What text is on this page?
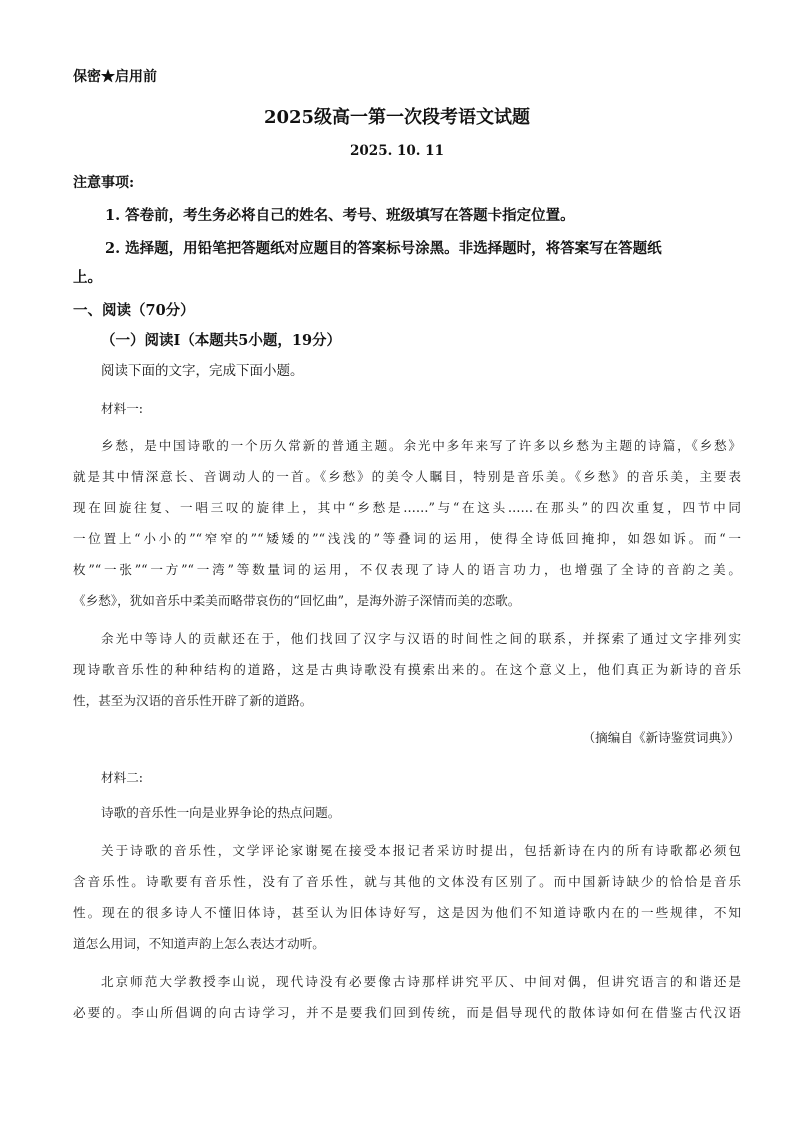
保密★启用前
2025级高一第一次段考语文试题
2025. 10. 11
注意事项:
1. 答卷前，考生务必将自己的姓名、考号、班级填写在答题卡指定位置。
2. 选择题，用铅笔把答题纸对应题目的答案标号涂黑。非选择题时，将答案写在答题纸
上。
一、阅读（70分）
（一）阅读Ⅰ（本题共5小题，19分）
阅读下面的文字，完成下面小题。
材料一:
乡愁，是中国诗歌的一个历久常新的普通主题。余光中多年来写了许多以乡愁为主题的诗篇，《乡愁》
就是其中情深意长、音调动人的一首。《乡愁》的美令人瞩目，特别是音乐美。《乡愁》的音乐美，主要表
现在回旋往复、一唱三叹的旋律上，其中“乡愁是……”与“在这头……在那头”的四次重复，四节中同
一位置上“小小的”“窄窄的”“矮矮的”“浅浅的”等叠词的运用，使得全诗低回掩抑，如怨如诉。而“一
枚”“一张”“一方”“一湾”等数量词的运用，不仅表现了诗人的语言功力，也增强了全诗的音韵之美。
《乡愁》，犹如音乐中柔美而略带哀伤的“回忆曲”，是海外游子深情而美的恋歌。
余光中等诗人的贡献还在于，他们找回了汉字与汉语的时间性之间的联系，并探索了通过文字排列实
现诗歌音乐性的种种结构的道路，这是古典诗歌没有摸索出来的。在这个意义上，他们真正为新诗的音乐
性，甚至为汉语的音乐性开辟了新的道路。
（摘编自《新诗鉴赏词典》）
材料二:
诗歌的音乐性一向是业界争论的热点问题。
关于诗歌的音乐性，文学评论家谢冕在接受本报记者采访时提出，包括新诗在内的所有诗歌都必须包
含音乐性。诗歌要有音乐性，没有了音乐性，就与其他的文体没有区别了。而中国新诗缺少的恰恰是音乐
性。现在的很多诗人不懂旧体诗，甚至认为旧体诗好写，这是因为他们不知道诗歌内在的一些规律，不知
道怎么用词，不知道声韵上怎么表达才动听。
北京师范大学教授李山说，现代诗没有必要像古诗那样讲究平仄、中间对偶，但讲究语言的和谐还是
必要的。李山所倡调的向古诗学习，并不是要我们回到传统，而是倡导现代的散体诗如何在借鉴古代汉语
